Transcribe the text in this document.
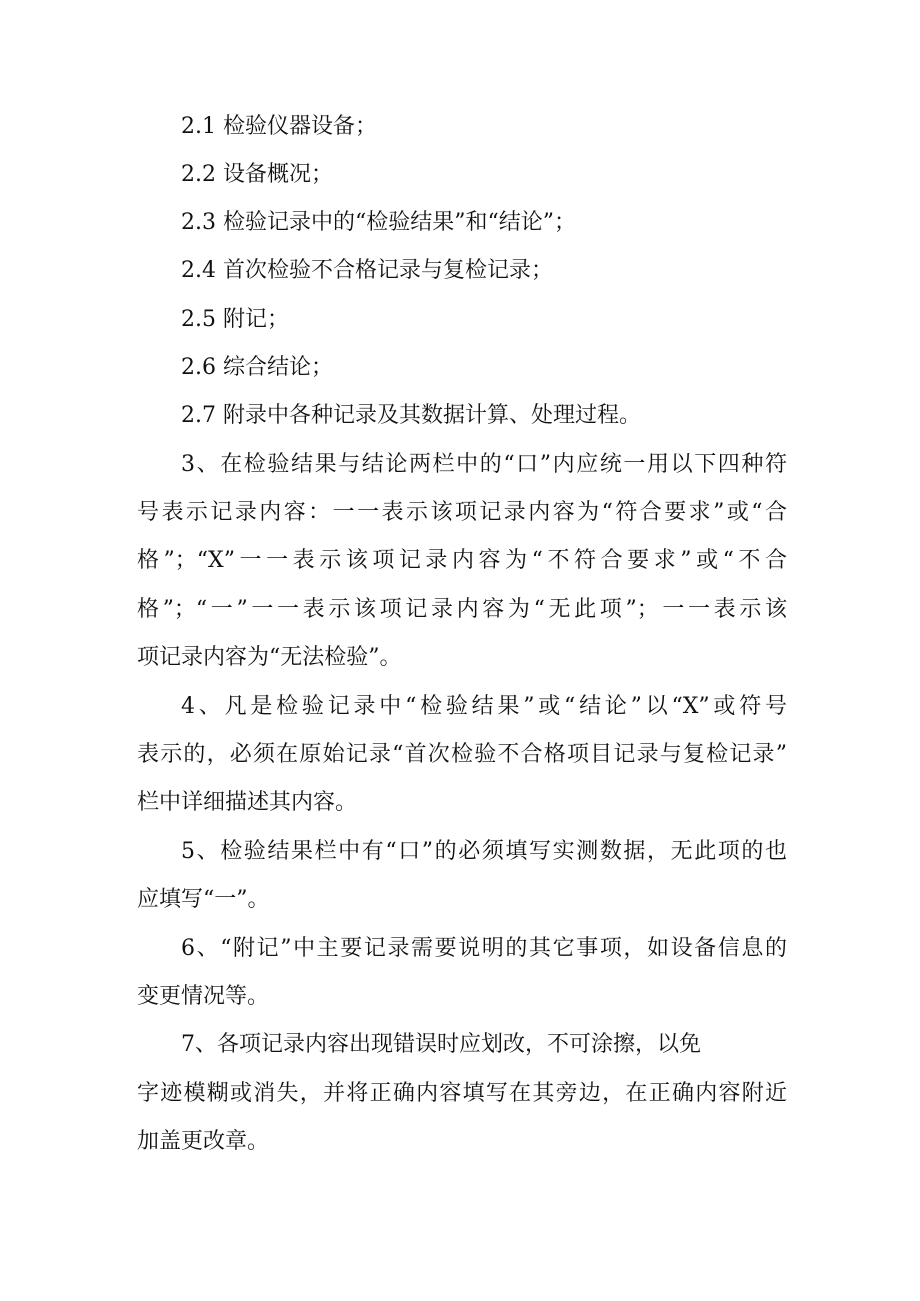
2.1 检验仪器设备；
2.2 设备概况；
2.3 检验记录中的“检验结果”和“结论”；
2.4 首次检验不合格记录与复检记录；
2.5 附记；
2.6 综合结论；
2.7 附录中各种记录及其数据计算、处理过程。
3、在检验结果与结论两栏中的“口”内应统一用以下四种符
号表示记录内容：一一表示该项记录内容为“符合要求”或“合
格”；“X”一一表示该项记录内容为“不符合要求”或“不合
格”；“一”一一表示该项记录内容为“无此项”；一一表示该
项记录内容为“无法检验”。
4、凡是检验记录中“检验结果”或“结论”以“X”或符号
表示的，必须在原始记录“首次检验不合格项目记录与复检记录”
栏中详细描述其内容。
5、检验结果栏中有“口”的必须填写实测数据，无此项的也
应填写“一”。
6、“附记”中主要记录需要说明的其它事项，如设备信息的
变更情况等。
7、各项记录内容出现错误时应划改，不可涂擦，以免
字迹模糊或消失，并将正确内容填写在其旁边，在正确内容附近
加盖更改章。
